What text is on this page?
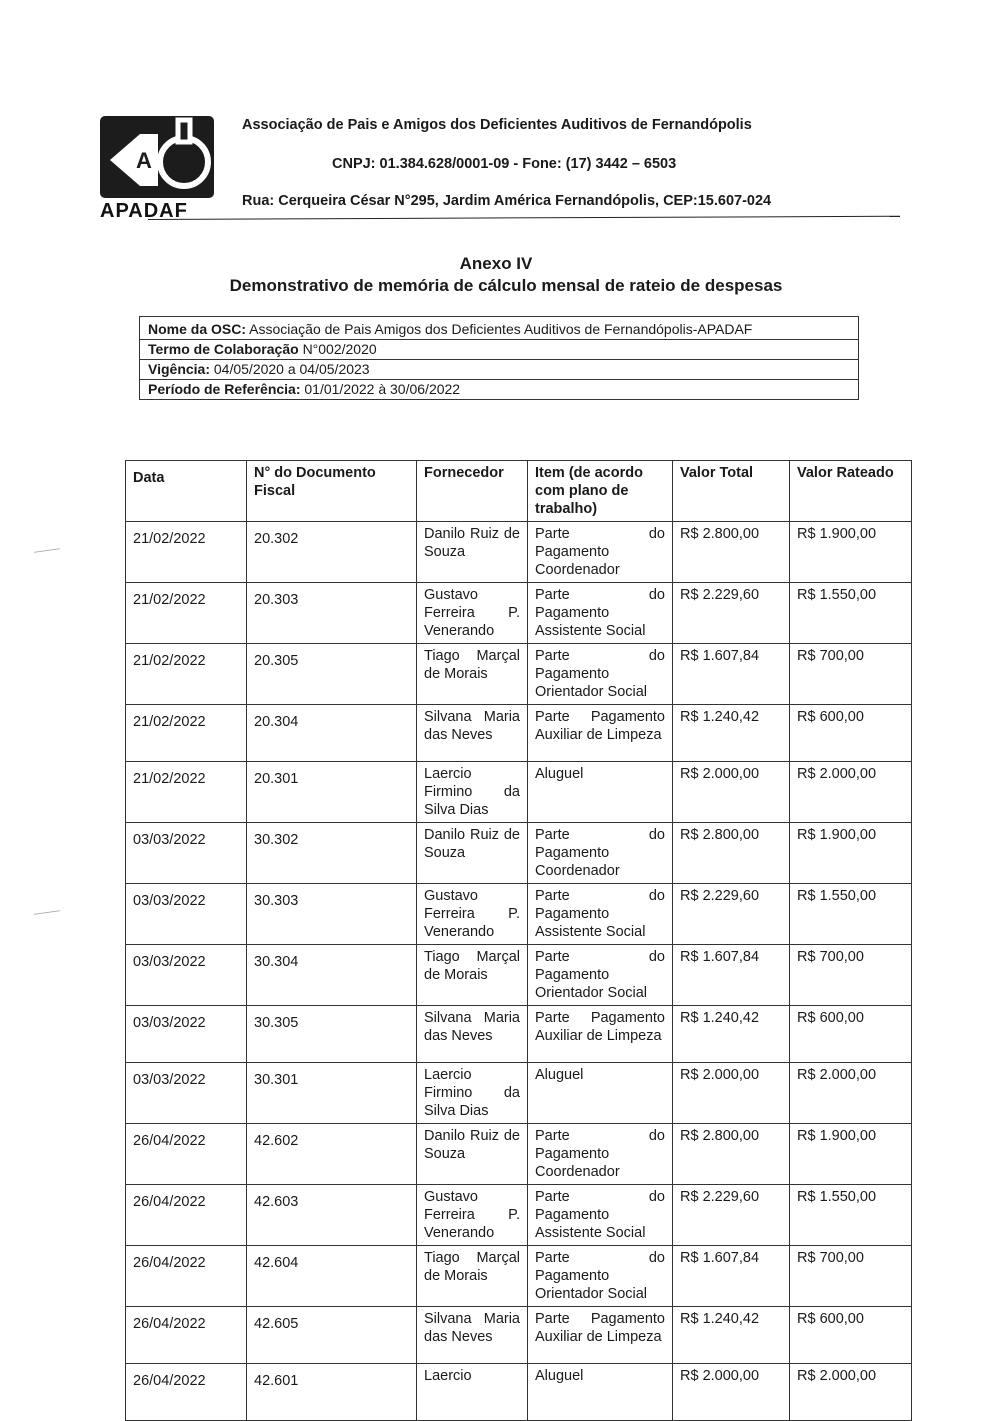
A
APADAF
Associação de Pais e Amigos dos Deficientes Auditivos de Fernandópolis
CNPJ: 01.384.628/0001-09 - Fone: (17) 3442 – 6503
Rua: Cerqueira César N°295, Jardim América Fernandópolis, CEP:15.607-024
Anexo IV
Demonstrativo de memória de cálculo mensal de rateio de despesas
Nome da OSC: Associação de Pais Amigos dos Deficientes Auditivos de Fernandópolis-APADAF
Termo de Colaboração N°002/2020
Vigência: 04/05/2020 a 04/05/2023
Período de Referência: 01/01/2022 à 30/06/2022
Data	N° do Documento Fiscal	Fornecedor	Item (de acordo com plano de trabalho)	Valor Total	Valor Rateado
21/02/2022	20.302	Danilo Ruiz de Souza	Parte do Pagamento Coordenador	R$ 2.800,00	R$ 1.900,00
21/02/2022	20.303	Gustavo Ferreira P. Venerando	Parte do Pagamento Assistente Social	R$ 2.229,60	R$ 1.550,00
21/02/2022	20.305	Tiago Marçal de Morais	Parte do Pagamento Orientador Social	R$ 1.607,84	R$ 700,00
21/02/2022	20.304	Silvana Maria das Neves	Parte Pagamento Auxiliar de Limpeza	R$ 1.240,42	R$ 600,00
21/02/2022	20.301	Laercio Firmino da Silva Dias	Aluguel	R$ 2.000,00	R$ 2.000,00
03/03/2022	30.302	Danilo Ruiz de Souza	Parte do Pagamento Coordenador	R$ 2.800,00	R$ 1.900,00
03/03/2022	30.303	Gustavo Ferreira P. Venerando	Parte do Pagamento Assistente Social	R$ 2.229,60	R$ 1.550,00
03/03/2022	30.304	Tiago Marçal de Morais	Parte do Pagamento Orientador Social	R$ 1.607,84	R$ 700,00
03/03/2022	30.305	Silvana Maria das Neves	Parte Pagamento Auxiliar de Limpeza	R$ 1.240,42	R$ 600,00
03/03/2022	30.301	Laercio Firmino da Silva Dias	Aluguel	R$ 2.000,00	R$ 2.000,00
26/04/2022	42.602	Danilo Ruiz de Souza	Parte do Pagamento Coordenador	R$ 2.800,00	R$ 1.900,00
26/04/2022	42.603	Gustavo Ferreira P. Venerando	Parte do Pagamento Assistente Social	R$ 2.229,60	R$ 1.550,00
26/04/2022	42.604	Tiago Marçal de Morais	Parte do Pagamento Orientador Social	R$ 1.607,84	R$ 700,00
26/04/2022	42.605	Silvana Maria das Neves	Parte Pagamento Auxiliar de Limpeza	R$ 1.240,42	R$ 600,00
26/04/2022	42.601	Laercio	Aluguel	R$ 2.000,00	R$ 2.000,00
